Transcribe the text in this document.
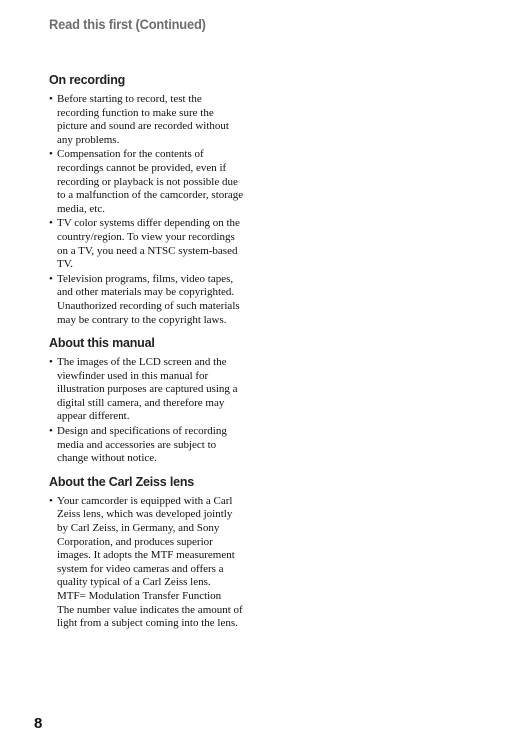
Read this first (Continued)
On recording
• Before starting to record, test the
recording function to make sure the
picture and sound are recorded without
any problems.
• Compensation for the contents of
recordings cannot be provided, even if
recording or playback is not possible due
to a malfunction of the camcorder, storage
media, etc.
• TV color systems differ depending on the
country/region. To view your recordings
on a TV, you need a NTSC system-based
TV.
• Television programs, films, video tapes,
and other materials may be copyrighted.
Unauthorized recording of such materials
may be contrary to the copyright laws.
About this manual
• The images of the LCD screen and the
viewfinder used in this manual for
illustration purposes are captured using a
digital still camera, and therefore may
appear different.
• Design and specifications of recording
media and accessories are subject to
change without notice.
About the Carl Zeiss lens
• Your camcorder is equipped with a Carl
Zeiss lens, which was developed jointly
by Carl Zeiss, in Germany, and Sony
Corporation, and produces superior
images. It adopts the MTF measurement
system for video cameras and offers a
quality typical of a Carl Zeiss lens.
MTF= Modulation Transfer Function
The number value indicates the amount of
light from a subject coming into the lens.
8
